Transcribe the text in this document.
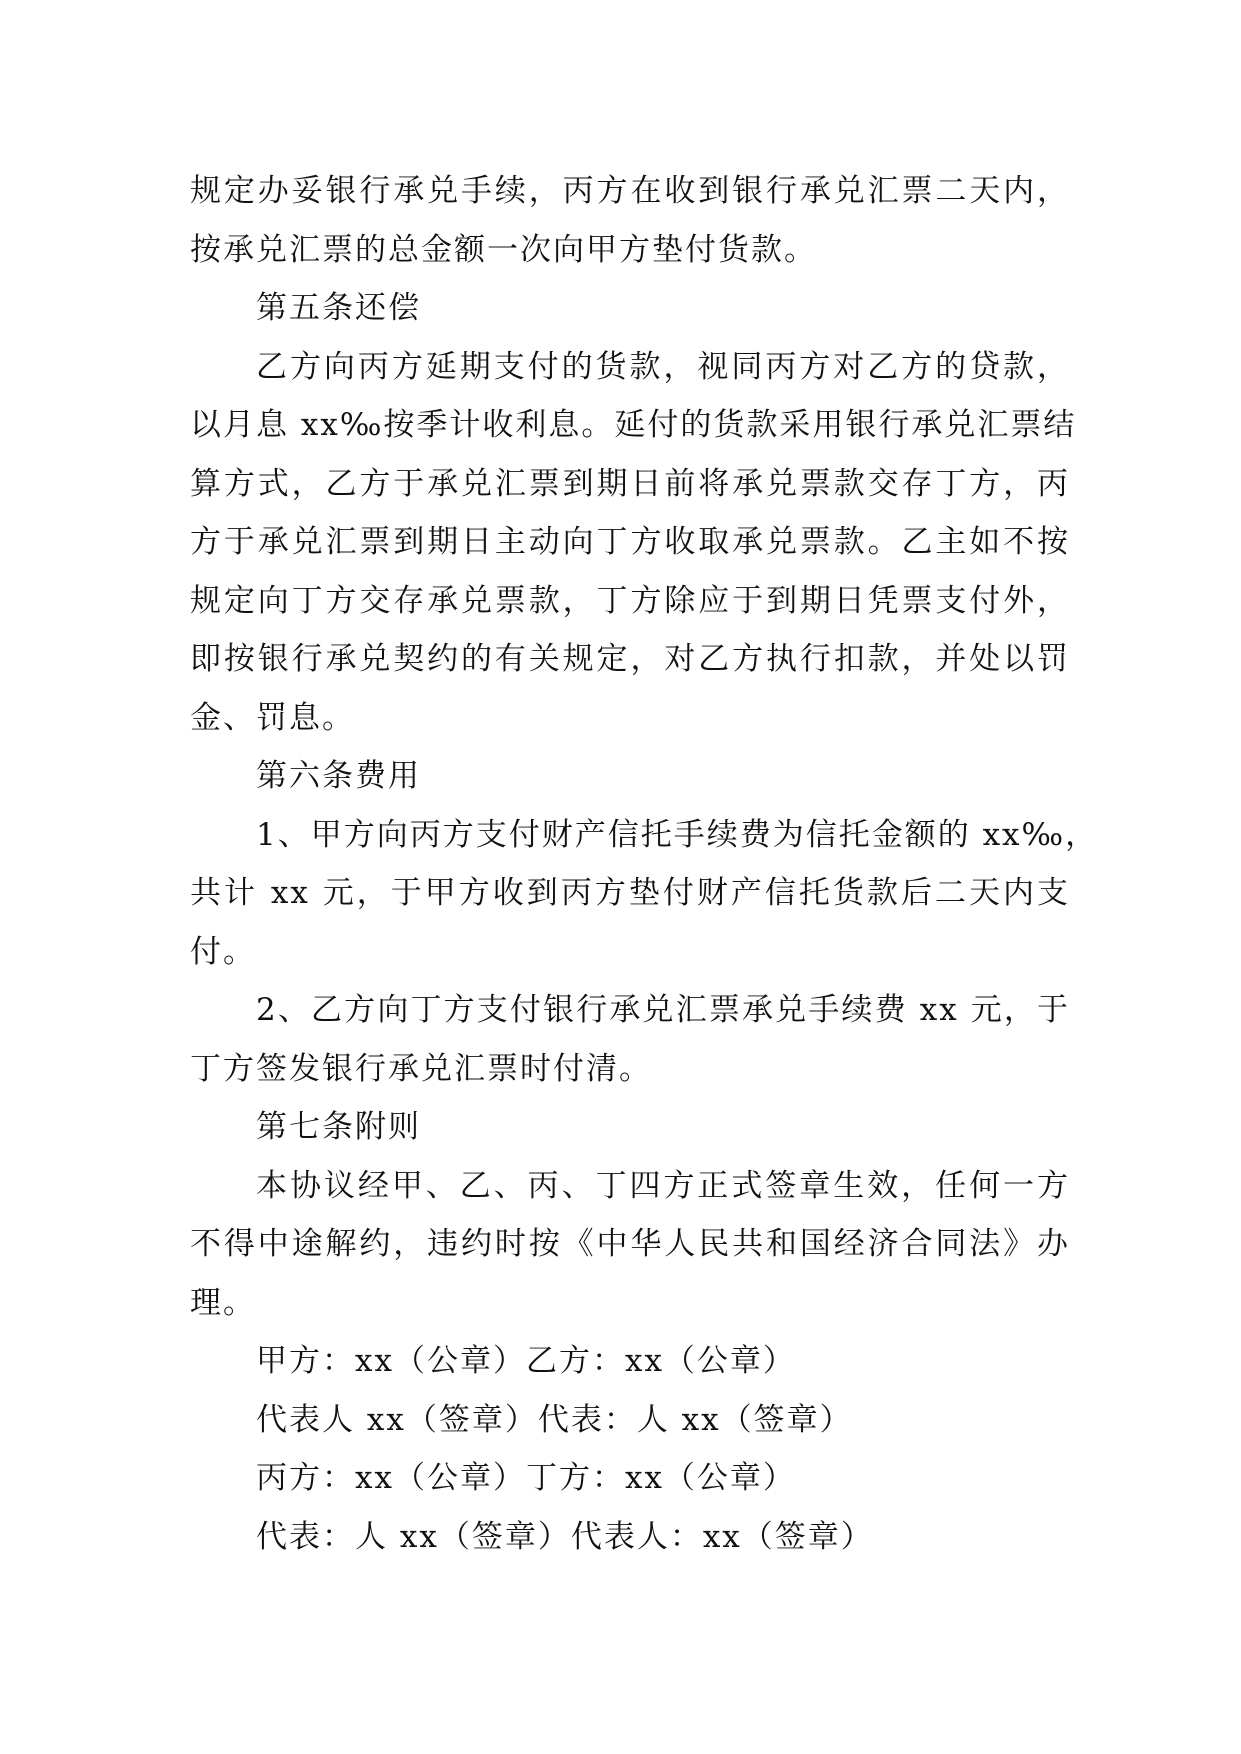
规定办妥银行承兑手续，丙方在收到银行承兑汇票二天内，
按承兑汇票的总金额一次向甲方垫付货款。
第五条还偿
乙方向丙方延期支付的货款，视同丙方对乙方的贷款，
以月息 xx‰按季计收利息。延付的货款采用银行承兑汇票结
算方式，乙方于承兑汇票到期日前将承兑票款交存丁方，丙
方于承兑汇票到期日主动向丁方收取承兑票款。乙主如不按
规定向丁方交存承兑票款，丁方除应于到期日凭票支付外，
即按银行承兑契约的有关规定，对乙方执行扣款，并处以罚
金、罚息。
第六条费用
1、甲方向丙方支付财产信托手续费为信托金额的 xx‰，
共计 xx 元，于甲方收到丙方垫付财产信托货款后二天内支
付。
2、乙方向丁方支付银行承兑汇票承兑手续费 xx 元，于
丁方签发银行承兑汇票时付清。
第七条附则
本协议经甲、乙、丙、丁四方正式签章生效，任何一方
不得中途解约，违约时按《中华人民共和国经济合同法》办
理。
甲方：xx（公章）乙方：xx（公章）
代表人 xx（签章）代表：人 xx（签章）
丙方：xx（公章）丁方：xx（公章）
代表：人 xx（签章）代表人：xx（签章）
